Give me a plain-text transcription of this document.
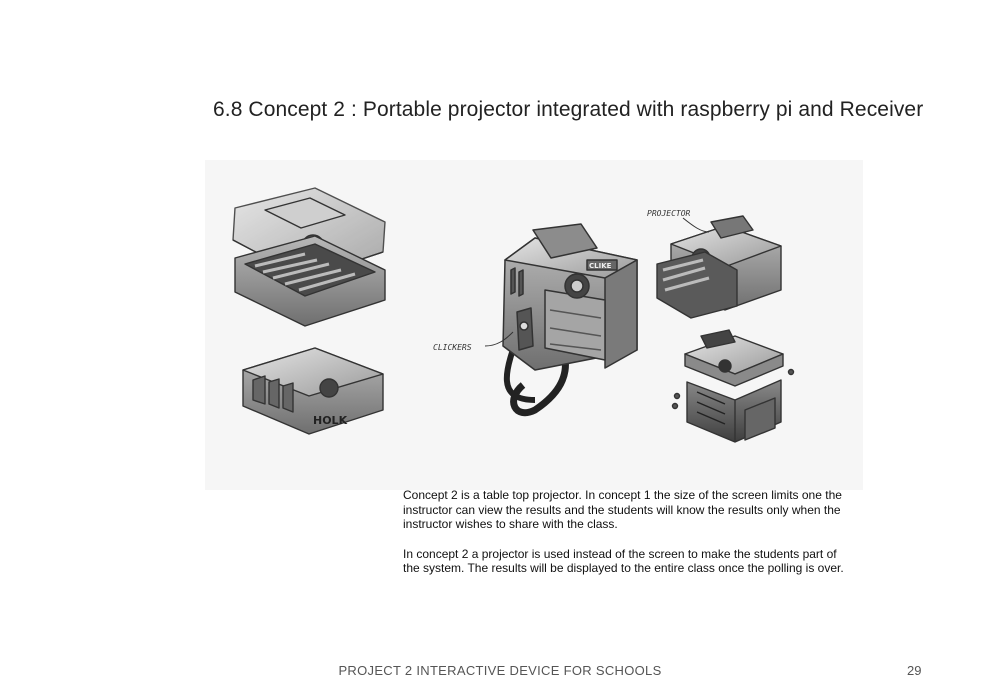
6.8 Concept 2 : Portable projector integrated with raspberry pi and Receiver
HOLK
CLIKE
PROJECTOR
CLICKERS

Concept 2 is a table top projector. In concept 1 the size of the screen limits one the instructor can view the results and the students will know the results only when the instructor wishes to share with the class.

In concept 2 a projector is used instead of the screen to make the students part of the system. The results will be displayed to the entire class once the polling is over.

PROJECT 2 INTERACTIVE DEVICE FOR SCHOOLS	29
